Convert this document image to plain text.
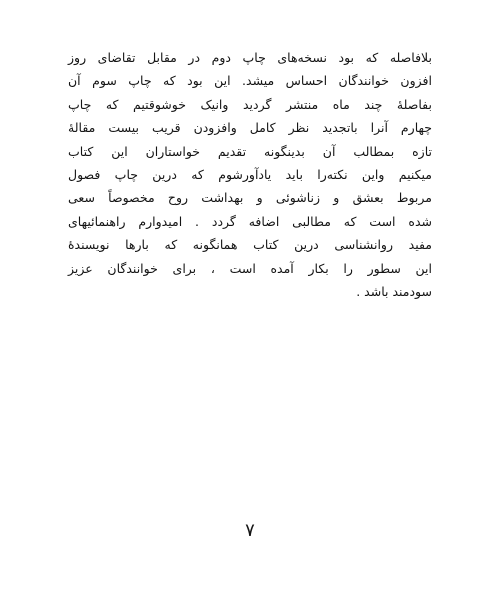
بلافاصله که بود نسخه‌های چاپ دوم در مقابل تقاضای روز
افزون خوانندگان احساس میشد. این بود که چاپ سوم آن
بفاصلهٔ چند ماه منتشر گردید وانیک خوشوقتیم که چاپ
چهارم آنرا باتجدید نظر کامل وافزودن قریب بیست مقالهٔ
تازه بمطالب آن بدینگونه تقدیم خواستاران این کتاب
میکنیم واین نکته‌را باید یادآورشوم که درین چاپ فصول
مربوط بعشق و زناشوئی و بهداشت روح مخصوصاً سعی
شده است که مطالبی اضافه گردد . امیدوارم راهنمائیهای
مفید روانشناسی درین کتاب همانگونه که بارها نویسندهٔ
این سطور را بکار آمده است ، برای خوانندگان عزیز
سودمند باشد .
۷
